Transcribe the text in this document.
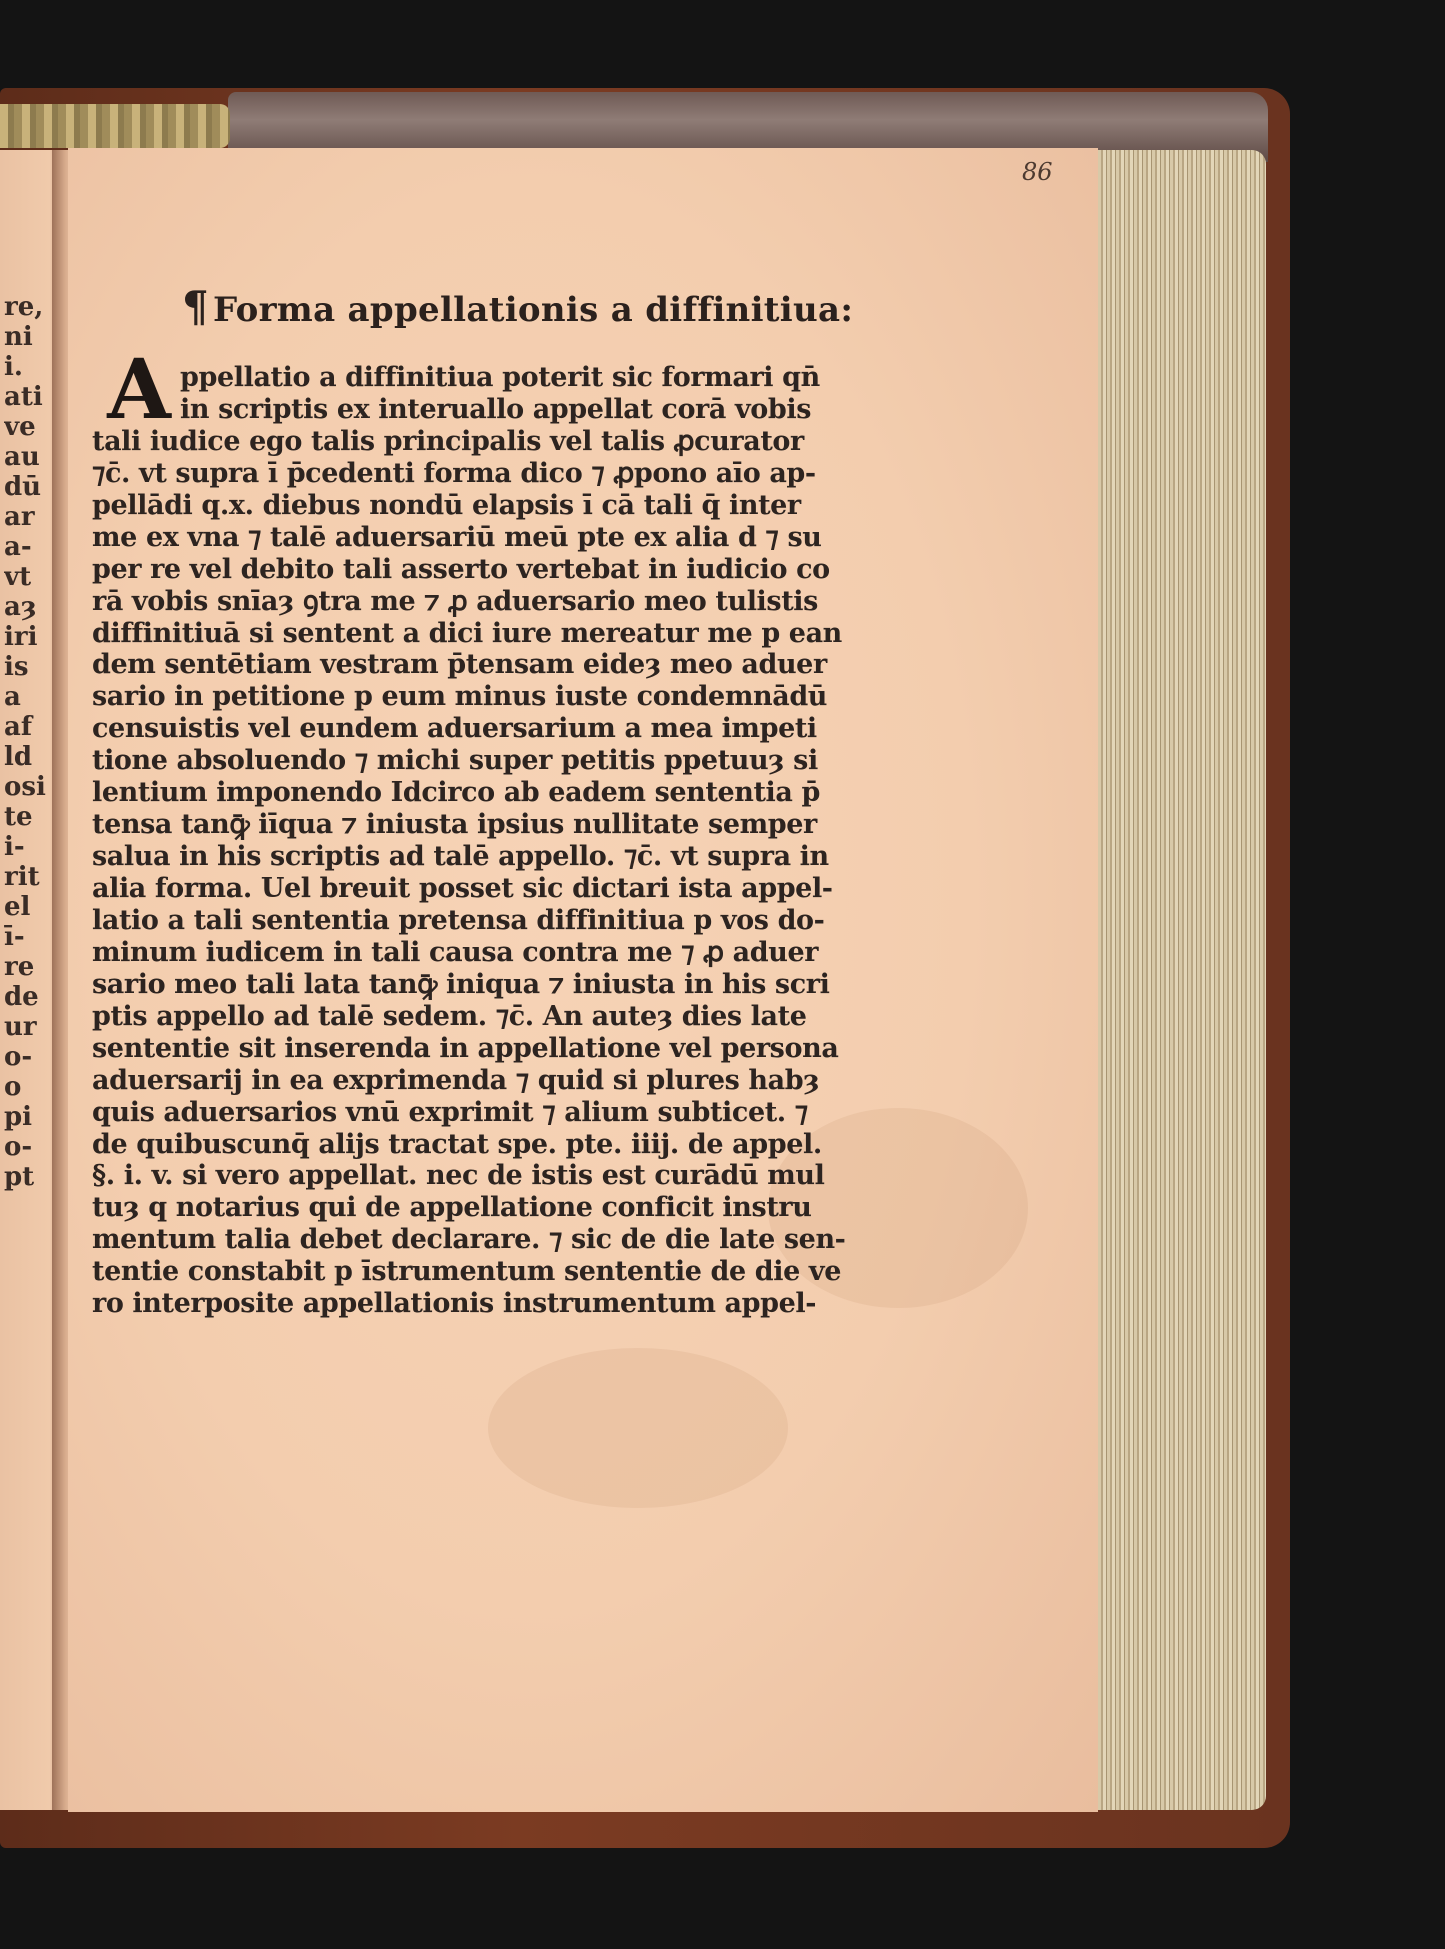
re,
ni
i.
ati
ve
au
dū
ar
a-
vt
aȝ
iri
is
a
af
ld
osi
te
i-
rit
el
ī-
re
de
ur
o-
o
pi
o-
pt
86
¶ Forma appellationis a diffinitiua:
A ppellatio a diffinitiua poterit sic formari qn̄
in scriptis ex interuallo appellat corā vobis
tali iudice ego talis principalis vel talis ꝓcurator
⁊c̄. vt supra ī p̄cedenti forma dico ⁊ ꝓpono aīo ap-
pellādi q.x. diebus nondū elapsis ī cā tali q̄ inter
me ex vna ⁊ talē aduersariū meū pte ex alia d ⁊ su
per re vel debito tali asserto vertebat in iudicio co
rā vobis snīaȝ ꝯtra me ⁊ ꝓ aduersario meo tulistis
diffinitiuā si sentent a dici iure mereatur me p ean
dem sentētiam vestram p̄tensam eideȝ meo aduer
sario in petitione p eum minus iuste condemnādū
censuistis vel eundem aduersarium a mea impeti
tione absoluendo ⁊ michi super petitis ppetuuȝ si
lentium imponendo Idcirco ab eadem sententia p̄
tensa tanꝙ̄ iīqua ⁊ iniusta ipsius nullitate semper
salua in his scriptis ad talē appello. ⁊c̄. vt supra in
alia forma. Uel breuit posset sic dictari ista appel-
latio a tali sententia pretensa diffinitiua p vos do-
minum iudicem in tali causa contra me ⁊ ꝓ aduer
sario meo tali lata tanꝙ̄ iniqua ⁊ iniusta in his scri
ptis appello ad talē sedem. ⁊c̄. An auteȝ dies late
sententie sit inserenda in appellatione vel persona
aduersarij in ea exprimenda ⁊ quid si plures habȝ
quis aduersarios vnū exprimit ⁊ alium subticet. ⁊
de quibuscunq̄ alijs tractat spe. pte. iiij. de appel.
§. i. v. si vero appellat. nec de istis est curādū mul
tuȝ q notarius qui de appellatione conficit instru
mentum talia debet declarare. ⁊ sic de die late sen-
tentie constabit p īstrumentum sententie de die ve
ro interposite appellationis instrumentum appel-
